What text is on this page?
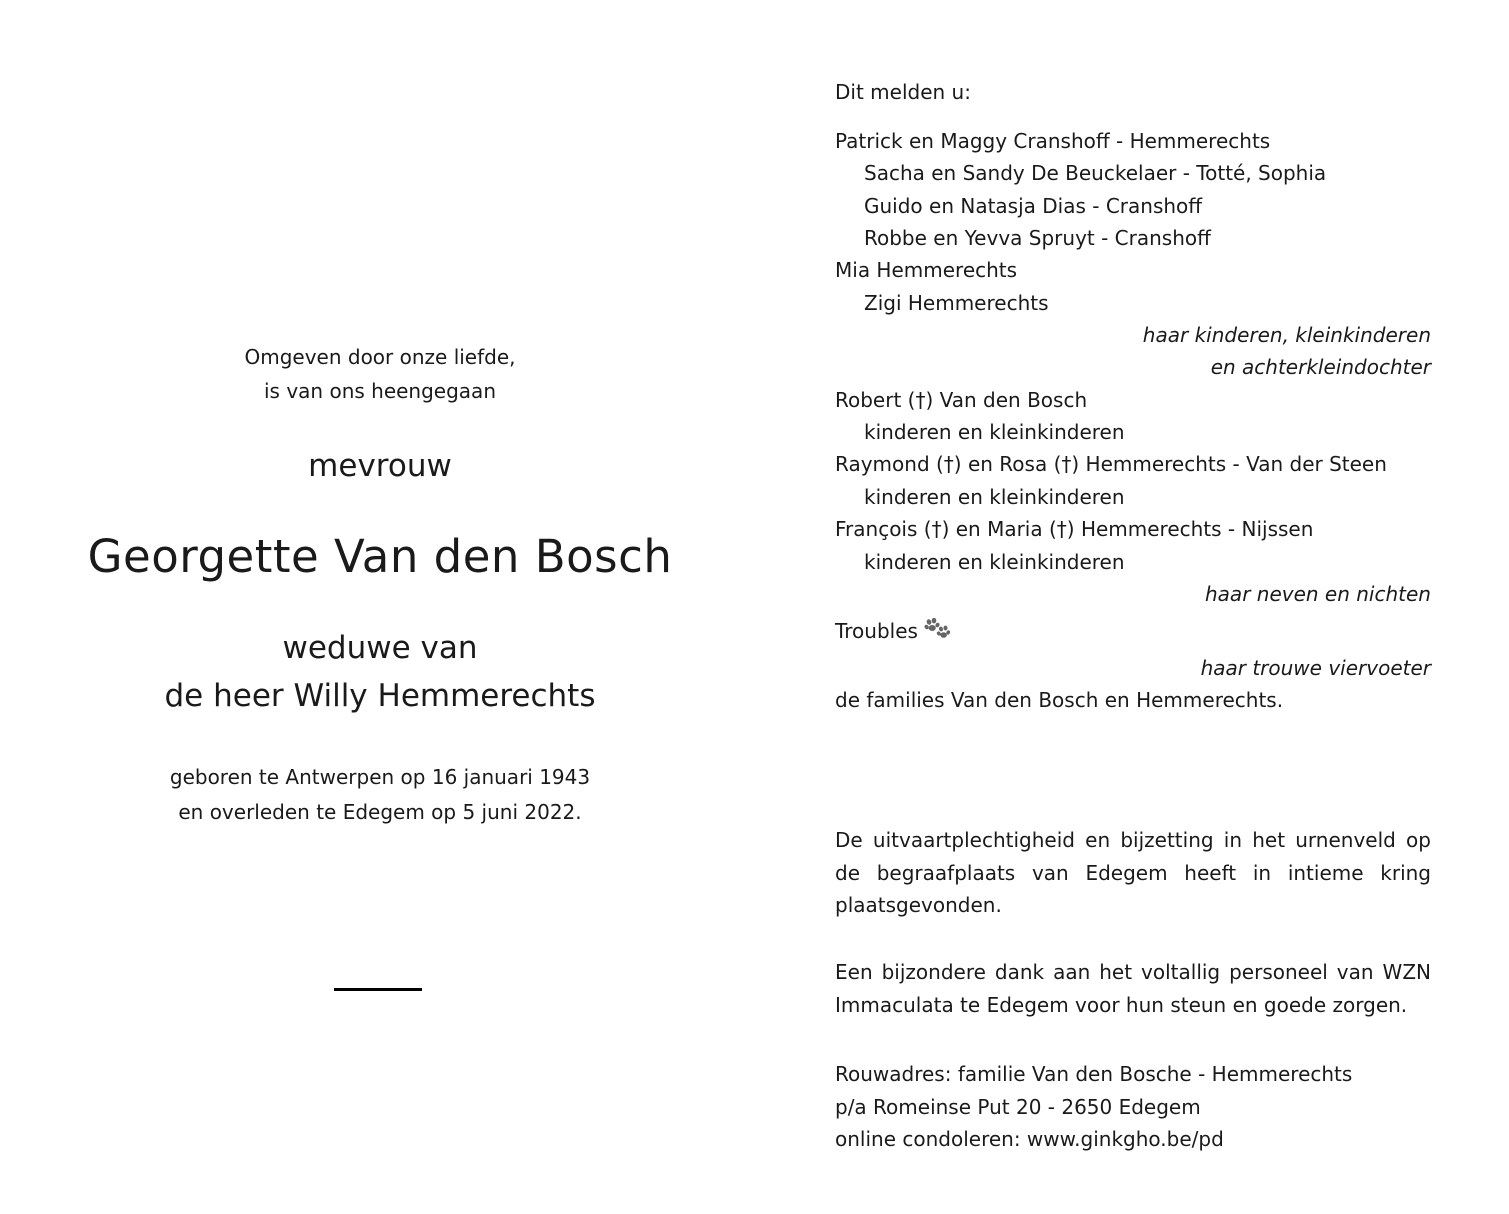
Omgeven door onze liefde,
is van ons heengegaan
mevrouw
Georgette Van den Bosch
weduwe van
de heer Willy Hemmerechts
geboren te Antwerpen op 16 januari 1943
en overleden te Edegem op 5 juni 2022.
Dit melden u:
Patrick en Maggy Cranshoff - Hemmerechts
Sacha en Sandy De Beuckelaer - Totté, Sophia
Guido en Natasja Dias - Cranshoff
Robbe en Yevva Spruyt - Cranshoff
Mia Hemmerechts
Zigi Hemmerechts
haar kinderen, kleinkinderen
en achterkleindochter
Robert (†) Van den Bosch
kinderen en kleinkinderen
Raymond (†) en Rosa (†) Hemmerechts - Van der Steen
kinderen en kleinkinderen
François (†) en Maria (†) Hemmerechts - Nijssen
kinderen en kleinkinderen
haar neven en nichten
Troubles
haar trouwe viervoeter
de families Van den Bosch en Hemmerechts.
De uitvaartplechtigheid en bijzetting in het urnenveld op de begraafplaats van Edegem heeft in intieme kring plaatsgevonden.
Een bijzondere dank aan het voltallig personeel van WZN Immaculata te Edegem voor hun steun en goede zorgen.
Rouwadres: familie Van den Bosche - Hemmerechts
p/a Romeinse Put 20 - 2650 Edegem
online condoleren: www.ginkgho.be/pd
